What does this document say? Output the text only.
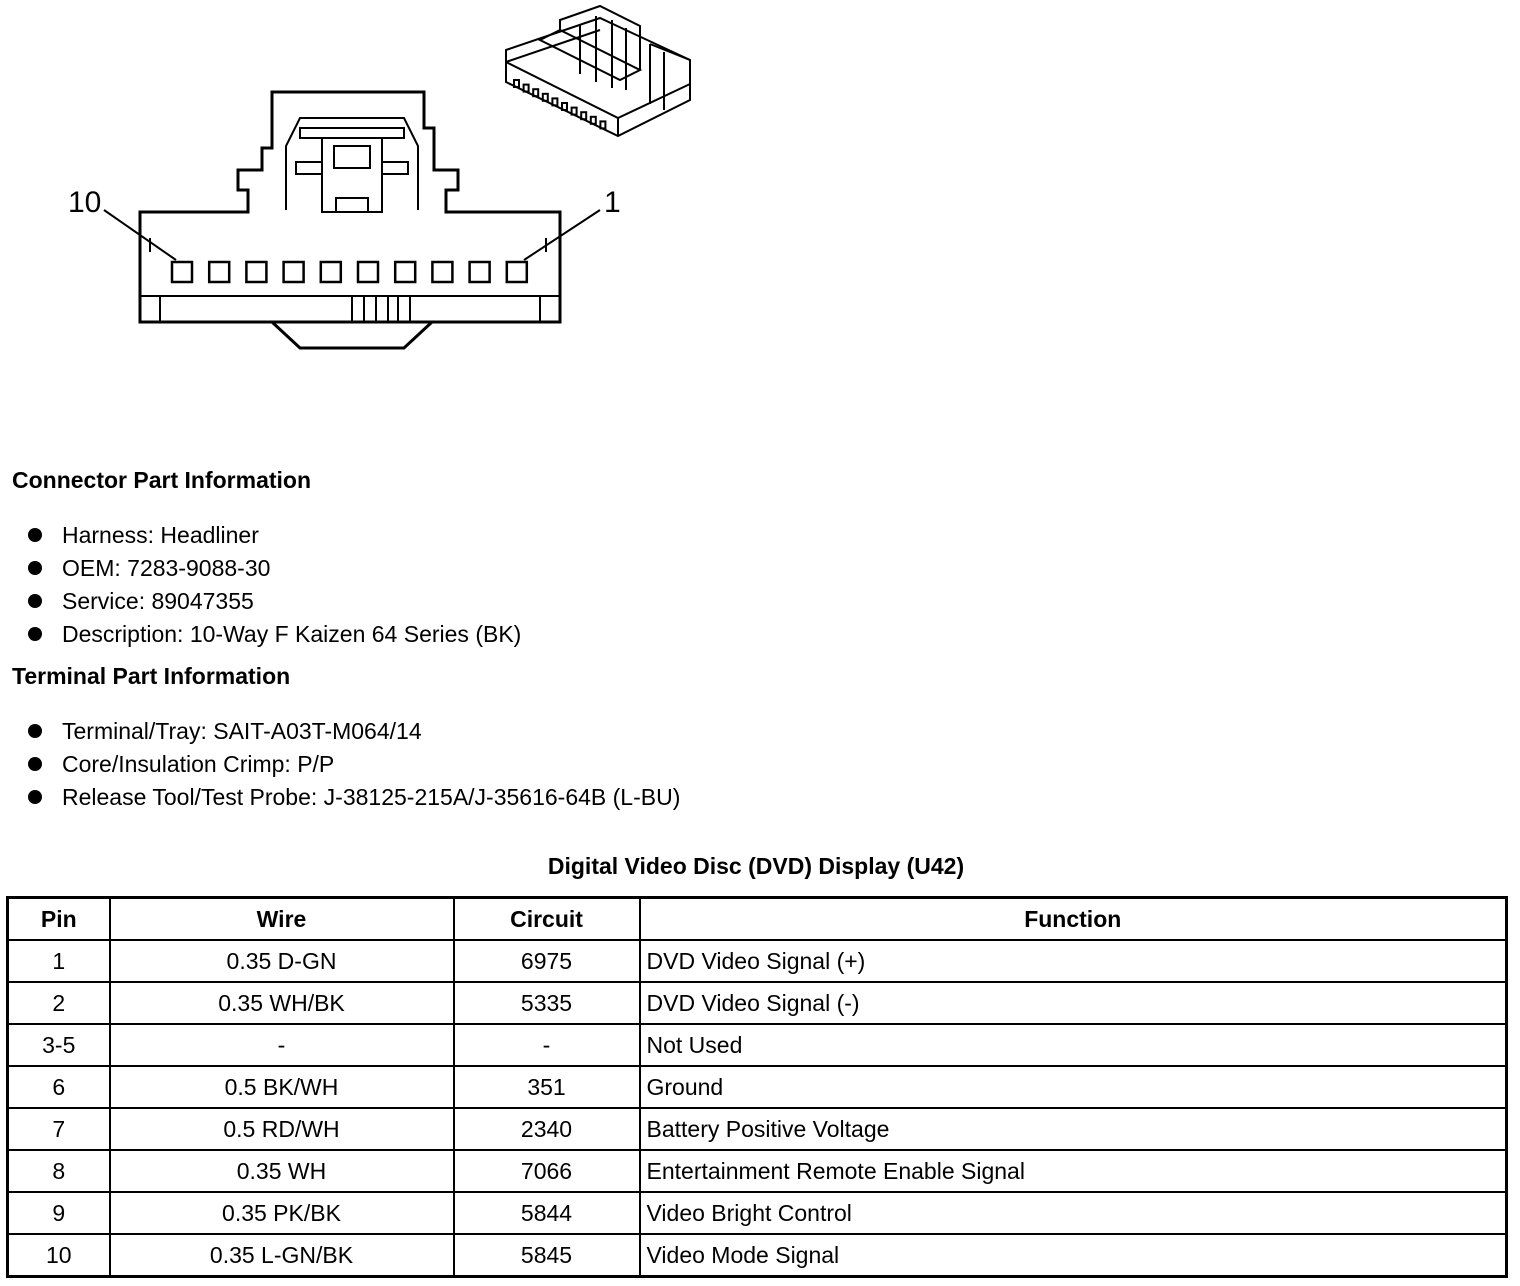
10	1
Connector Part Information
Harness: Headliner
OEM: 7283-9088-30
Service: 89047355
Description: 10-Way F Kaizen 64 Series (BK)
Terminal Part Information
Terminal/Tray: SAIT-A03T-M064/14
Core/Insulation Crimp: P/P
Release Tool/Test Probe: J-38125-215A/J-35616-64B (L-BU)
Digital Video Disc (DVD) Display (U42)
Pin	Wire	Circuit	Function
1	0.35 D-GN	6975	DVD Video Signal (+)
2	0.35 WH/BK	5335	DVD Video Signal (-)
3-5	-	-	Not Used
6	0.5 BK/WH	351	Ground
7	0.5 RD/WH	2340	Battery Positive Voltage
8	0.35 WH	7066	Entertainment Remote Enable Signal
9	0.35 PK/BK	5844	Video Bright Control
10	0.35 L-GN/BK	5845	Video Mode Signal
